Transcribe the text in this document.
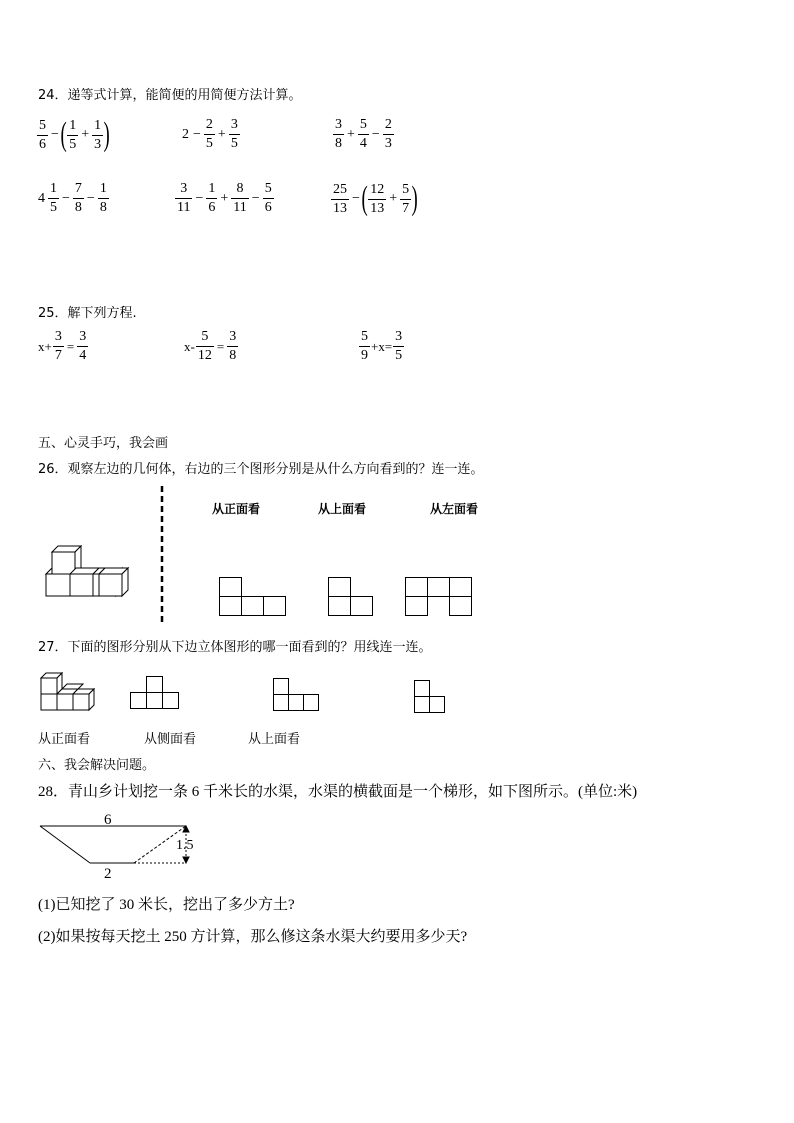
24．递等式计算，能简便的用简便方法计算。
$\frac{5}{6}$ − ( $\frac{1}{5} + \frac{1}{3}$ )	$2 - \frac{2}{5} + \frac{3}{5}$	$\frac{3}{8} + \frac{5}{4} - \frac{2}{3}$
$4 \frac{1}{5} - \frac{7}{8} - \frac{1}{8}$	$\frac{3}{11} - \frac{1}{6} + \frac{8}{11} - \frac{5}{6}$	$\frac{25}{13}$ − ( $\frac{12}{13} + \frac{5}{7}$ )
25．解下列方程.
$x+ \frac{3}{7} = \frac{3}{4}$	$x- \frac{5}{12} = \frac{3}{8}$	$\frac{5}{9} +x= \frac{3}{5}$
五、心灵手巧，我会画
26．观察左边的几何体，右边的三个图形分别是从什么方向看到的？连一连。
从正面看	从上面看	从左面看
27．下面的图形分别从下边立体图形的哪一面看到的？用线连一连。
从正面看	从侧面看	从上面看
六、我会解决问题。
28．青山乡计划挖一条 6 千米长的水渠，水渠的横截面是一个梯形，如下图所示。(单位:米)
6
1.5
2
(1)已知挖了 30 米长，挖出了多少方土?
(2)如果按每天挖土 250 方计算，那么修这条水渠大约要用多少天?
